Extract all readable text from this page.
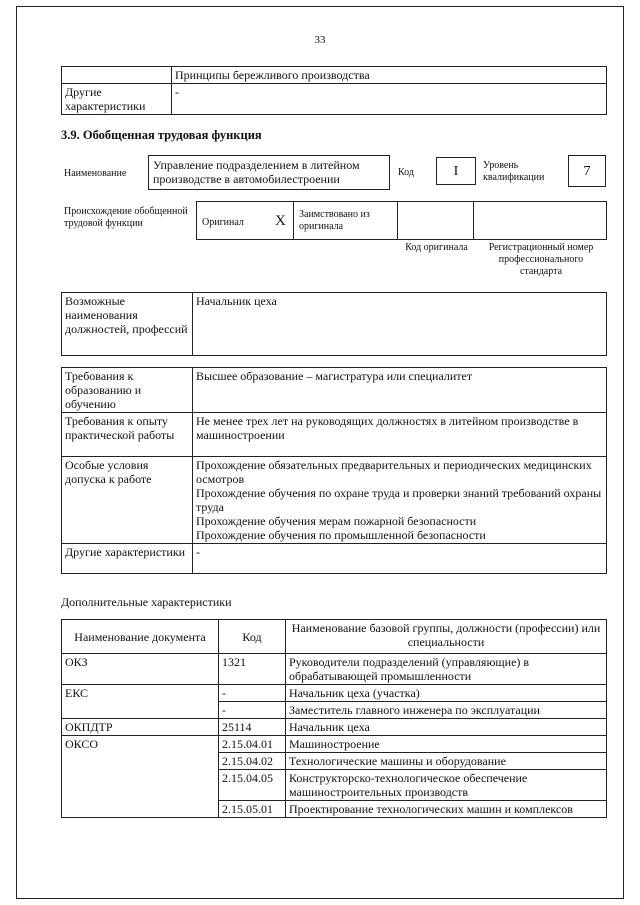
33
	Принципы бережливого производства
Другие характеристики	-
3.9. Обобщенная трудовая функция
Наименование
Управление подразделением в литейном производстве в автомобилестроении	Код	I	Уровень квалификации	7
Происхождение обобщенной трудовой функции	Оригинал X Заимствовано из оригинала
Код оригинала	Регистрационный номер профессионального стандарта
Возможные наименования должностей, профессий	Начальник цеха
Требования к образованию и обучению	Высшее образование – магистратура или специалитет
Требования к опыту практической работы	Не менее трех лет на руководящих должностях в литейном производстве в машиностроении
Особые условия допуска к работе	Прохождение обязательных предварительных и периодических медицинских осмотров
Прохождение обучения по охране труда и проверки знаний требований охраны труда
Прохождение обучения мерам пожарной безопасности
Прохождение обучения по промышленной безопасности

Другие характеристики	-
Дополнительные характеристики
Наименование документа	Код	Наименование базовой группы, должности (профессии) или специальности
ОКЗ	1321	Руководители подразделений (управляющие) в обрабатывающей промышленности
ЕКС	-	Начальник цеха (участка)
	-	Заместитель главного инженера по эксплуатации
ОКПДТР	25114	Начальник цеха
ОКСО	2.15.04.01	Машиностроение
	2.15.04.02	Технологические машины и оборудование
	2.15.04.05	Конструкторско-технологическое обеспечение машиностроительных производств
	2.15.05.01	Проектирование технологических машин и комплексов
